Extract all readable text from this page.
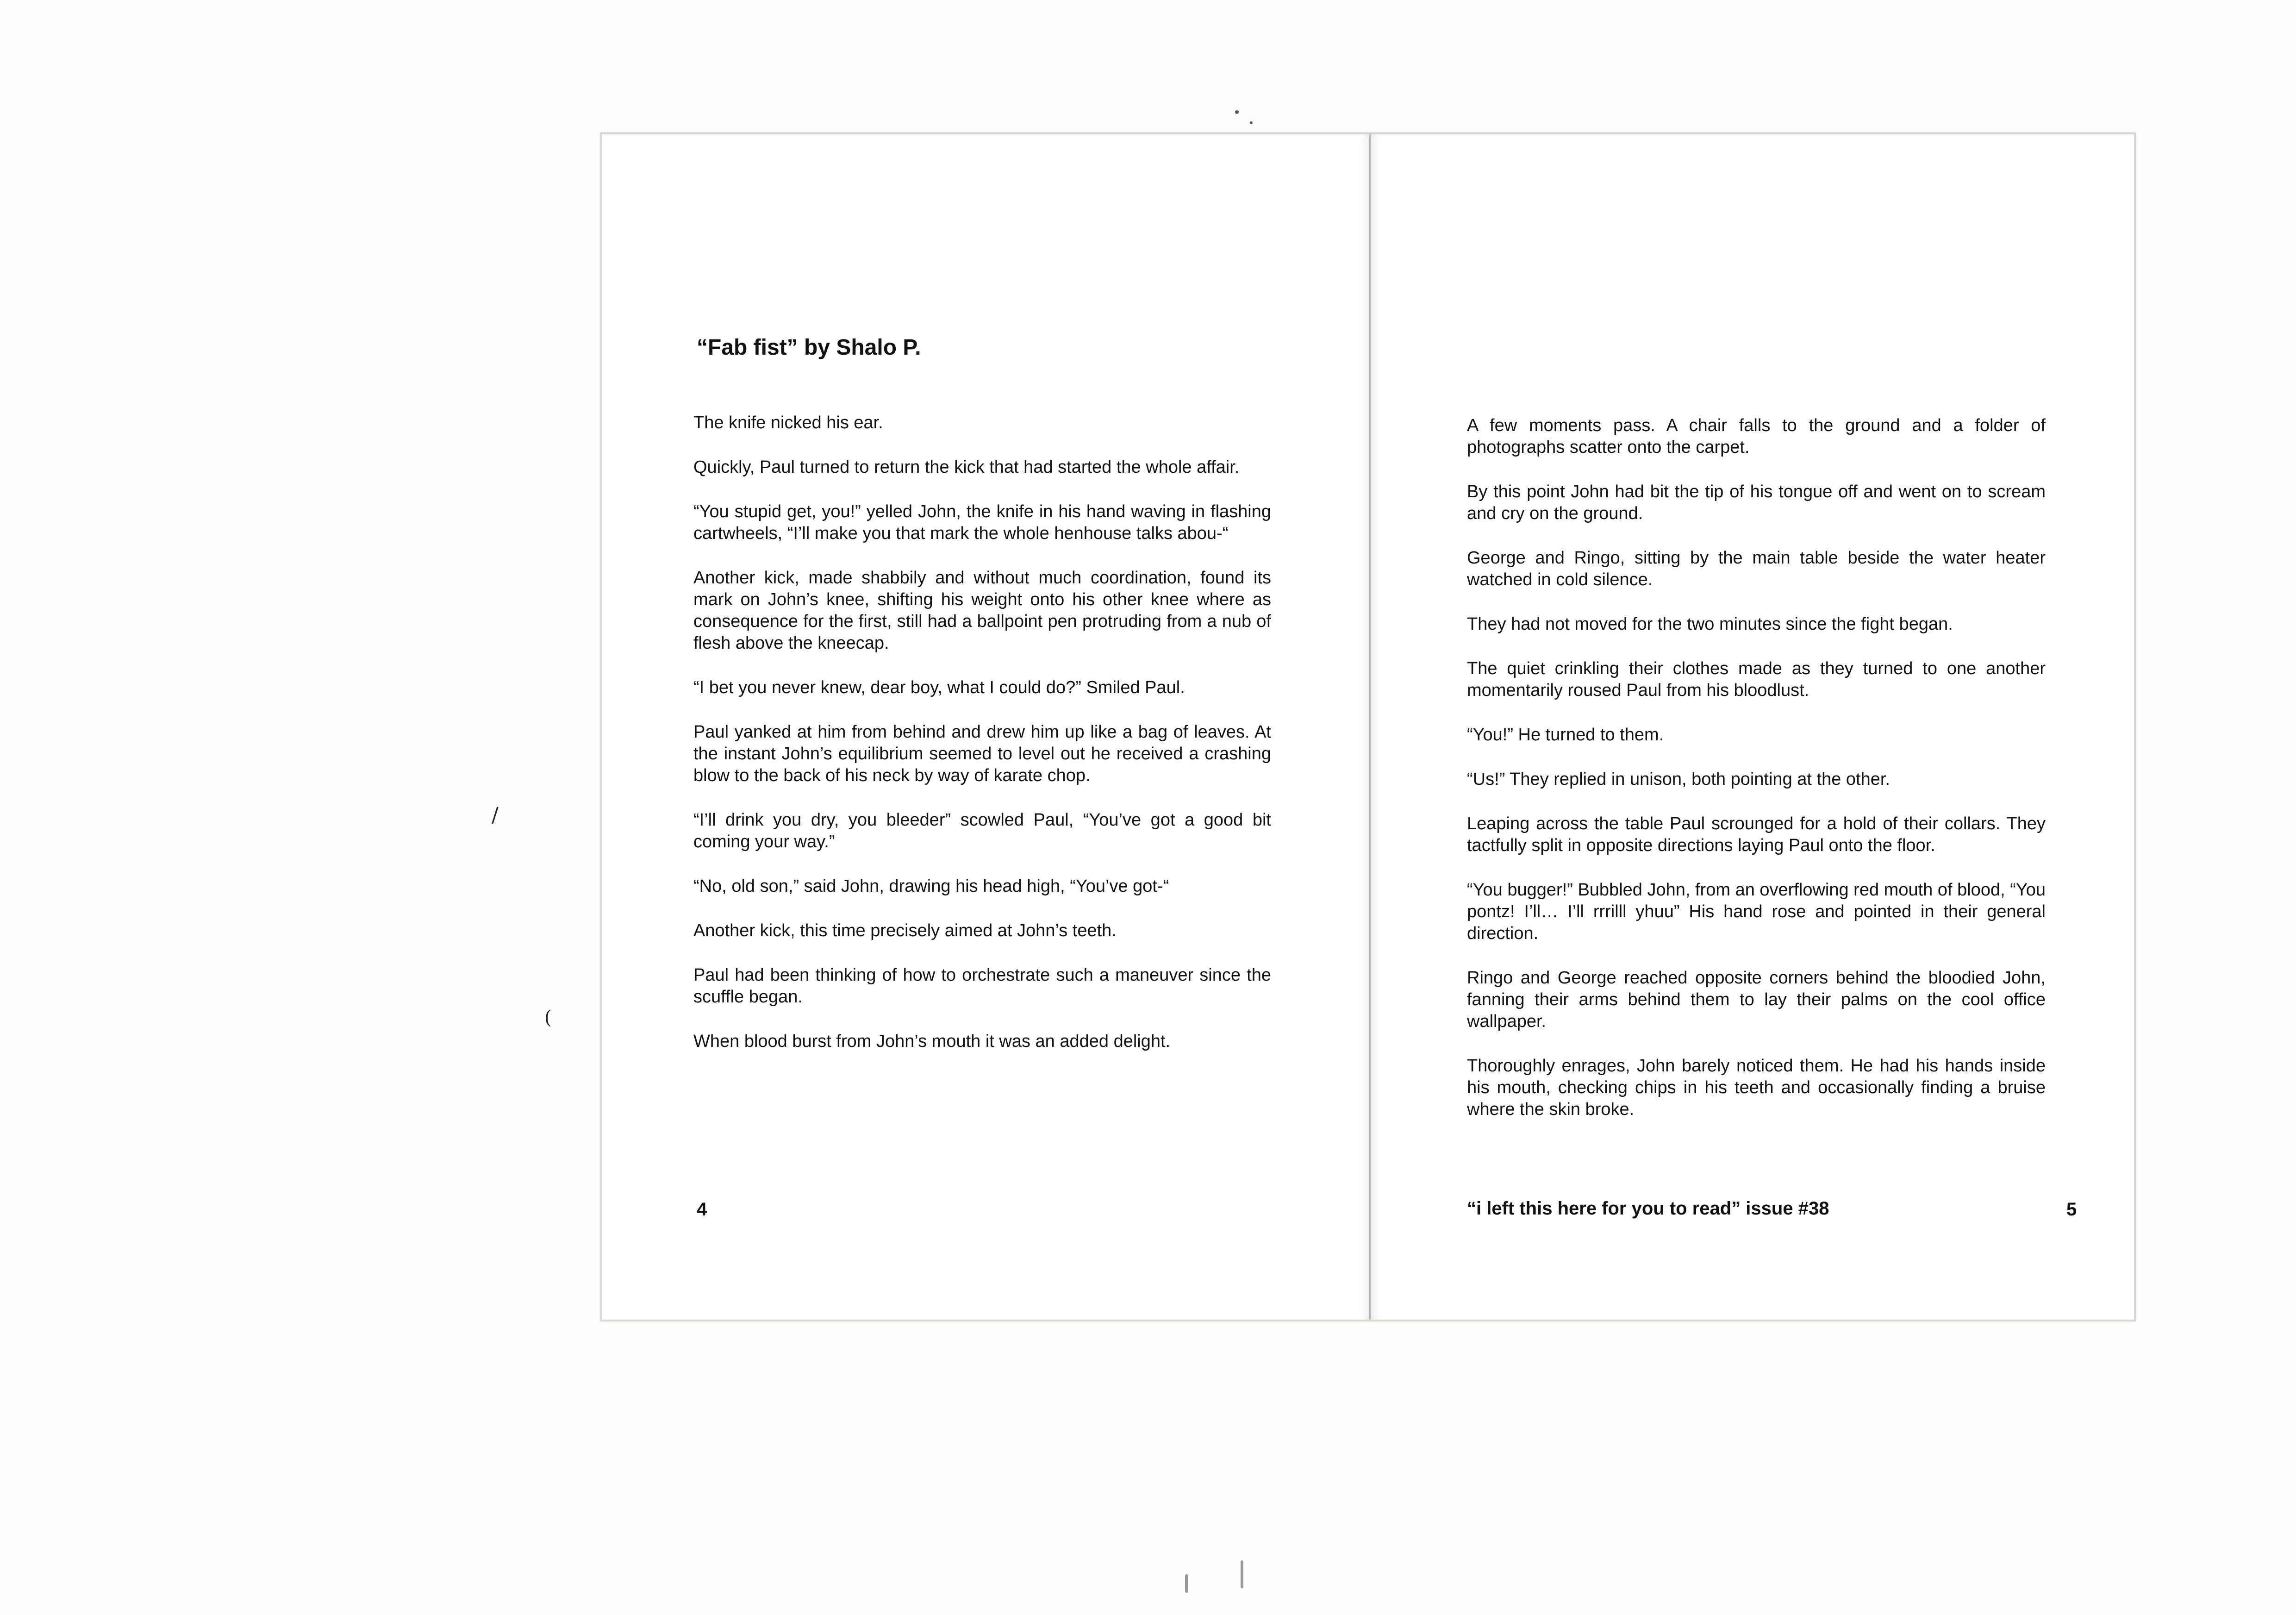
“Fab fist” by Shalo P.

The knife nicked his ear.

Quickly, Paul turned to return the kick that had started the whole affair.

“You stupid get, you!” yelled John, the knife in his hand waving in flashing cartwheels, “I’ll make you that mark the whole henhouse talks abou-“

Another kick, made shabbily and without much coordination, found its mark on John’s knee, shifting his weight onto his other knee where as consequence for the first, still had a ballpoint pen protruding from a nub of flesh above the kneecap.

“I bet you never knew, dear boy, what I could do?” Smiled Paul.

Paul yanked at him from behind and drew him up like a bag of leaves. At the instant John’s equilibrium seemed to level out he received a crashing blow to the back of his neck by way of karate chop.

“I’ll drink you dry, you bleeder” scowled Paul, “You’ve got a good bit coming your way.”

“No, old son,” said John, drawing his head high, “You’ve got-“

Another kick, this time precisely aimed at John’s teeth.

Paul had been thinking of how to orchestrate such a maneuver since the scuffle began.

When blood burst from John’s mouth it was an added delight.

4

A few moments pass. A chair falls to the ground and a folder of photographs scatter onto the carpet.

By this point John had bit the tip of his tongue off and went on to scream and cry on the ground.

George and Ringo, sitting by the main table beside the water heater watched in cold silence.

They had not moved for the two minutes since the fight began.

The quiet crinkling their clothes made as they turned to one another momentarily roused Paul from his bloodlust.

“You!” He turned to them.

“Us!” They replied in unison, both pointing at the other.

Leaping across the table Paul scrounged for a hold of their collars. They tactfully split in opposite directions laying Paul onto the floor.

“You bugger!” Bubbled John, from an overflowing red mouth of blood, “You pontz! I’ll… I’ll rrrilll yhuu” His hand rose and pointed in their general direction.

Ringo and George reached opposite corners behind the bloodied John, fanning their arms behind them to lay their palms on the cool office wallpaper.

Thoroughly enrages, John barely noticed them. He had his hands inside his mouth, checking chips in his teeth and occasionally finding a bruise where the skin broke.

“i left this here for you to read” issue #38	5
/
(
